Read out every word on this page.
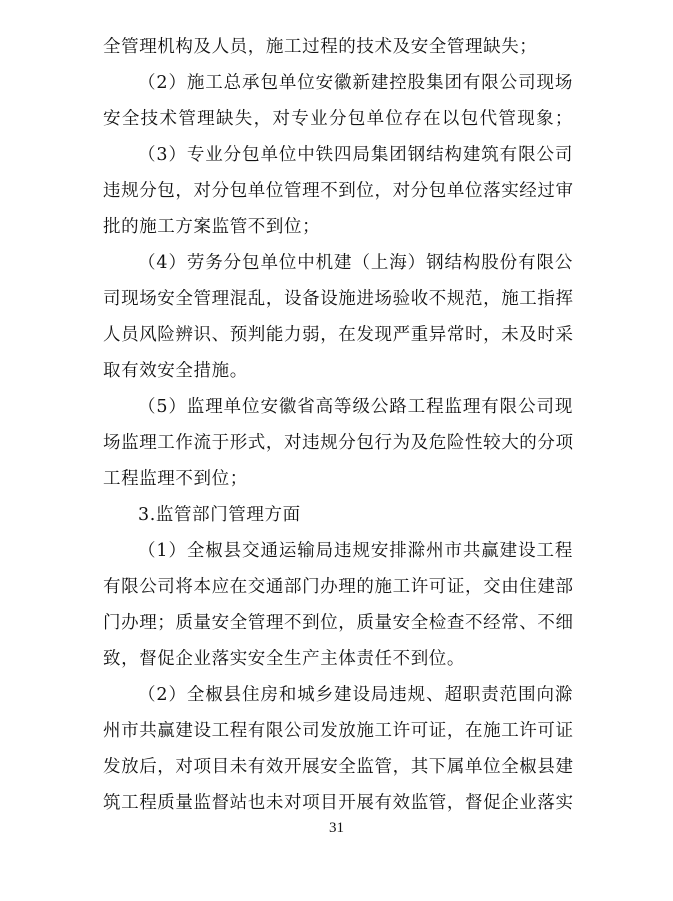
全管理机构及人员，施工过程的技术及安全管理缺失；
（2）施工总承包单位安徽新建控股集团有限公司现场
安全技术管理缺失，对专业分包单位存在以包代管现象；
（3）专业分包单位中铁四局集团钢结构建筑有限公司
违规分包，对分包单位管理不到位，对分包单位落实经过审
批的施工方案监管不到位；
（4）劳务分包单位中机建（上海）钢结构股份有限公
司现场安全管理混乱，设备设施进场验收不规范，施工指挥
人员风险辨识、预判能力弱，在发现严重异常时，未及时采
取有效安全措施。
（5）监理单位安徽省高等级公路工程监理有限公司现
场监理工作流于形式，对违规分包行为及危险性较大的分项
工程监理不到位；
3.监管部门管理方面
（1）全椒县交通运输局违规安排滁州市共赢建设工程
有限公司将本应在交通部门办理的施工许可证，交由住建部
门办理；质量安全管理不到位，质量安全检查不经常、不细
致，督促企业落实安全生产主体责任不到位。
（2）全椒县住房和城乡建设局违规、超职责范围向滁
州市共赢建设工程有限公司发放施工许可证，在施工许可证
发放后，对项目未有效开展安全监管，其下属单位全椒县建
筑工程质量监督站也未对项目开展有效监管，督促企业落实
31
